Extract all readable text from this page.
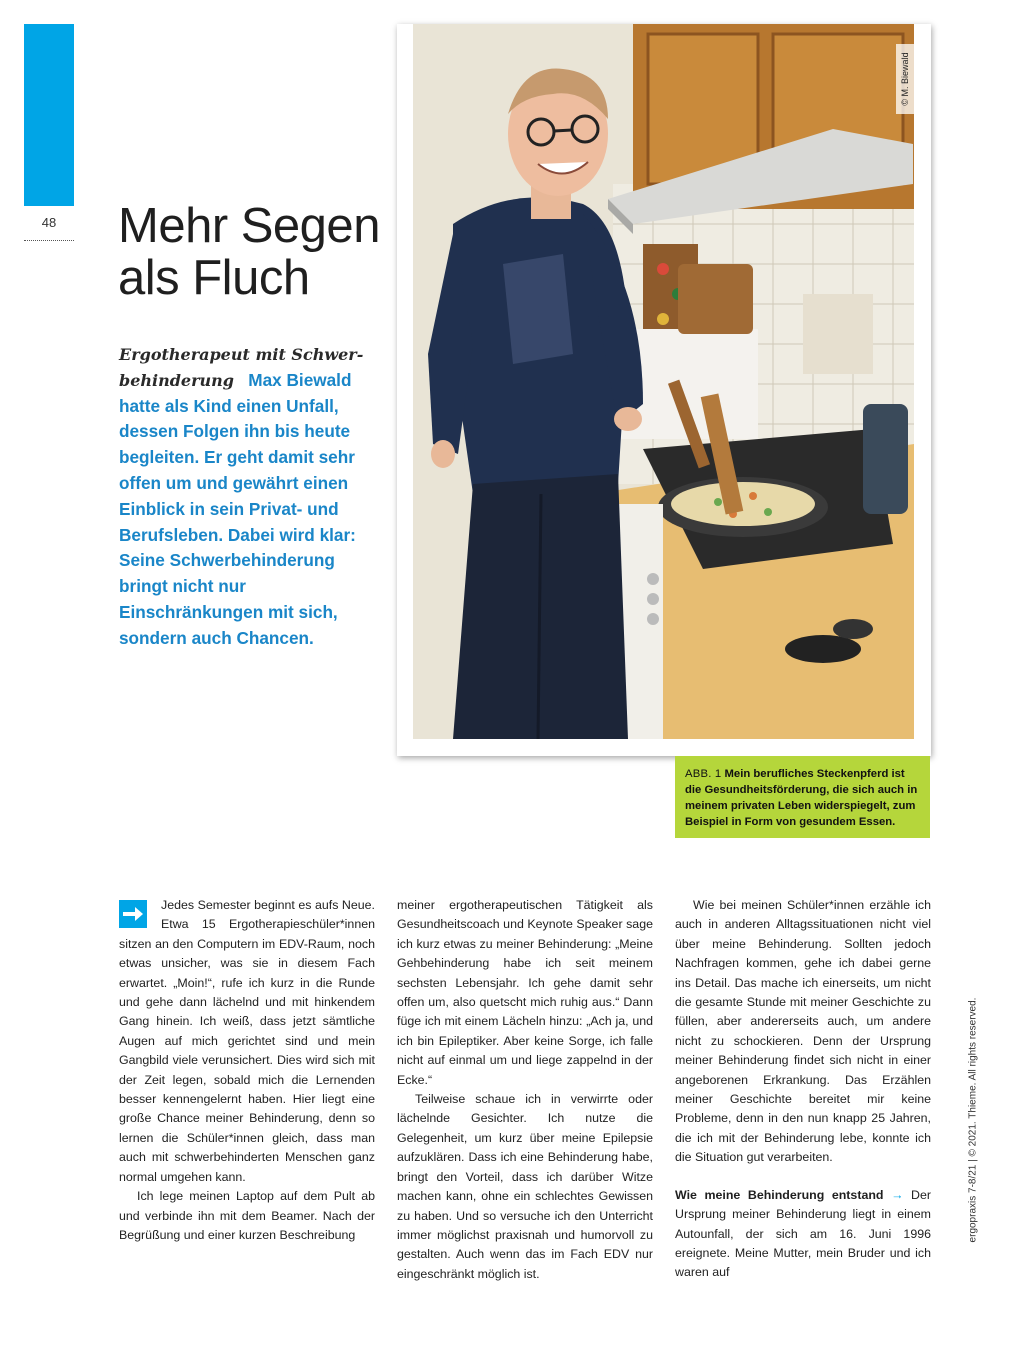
48	Mehr Segen
als Fluch

Ergotherapeut mit Schwer-behinderung Max Biewald hatte als Kind einen Unfall, dessen Folgen ihn bis heute begleiten. Er geht damit sehr offen um und gewährt einen Einblick in sein Privat- und Berufsleben. Dabei wird klar: Seine Schwerbehinderung bringt nicht nur Einschränkungen mit sich, sondern auch Chancen.

© M. Biewald
ABB. 1 Mein berufliches Steckenpferd ist die Gesundheitsförderung, die sich auch in meinem privaten Leben widerspiegelt, zum Beispiel in Form von gesundem Essen.

Jedes Semester beginnt es aufs Neue. Etwa 15 Ergotherapieschüler*innen sitzen an den Computern im EDV-Raum, noch etwas unsicher, was sie in diesem Fach erwartet. „Moin!“, rufe ich kurz in die Runde und gehe dann lächelnd und mit hinkendem Gang hinein. Ich weiß, dass jetzt sämtliche Augen auf mich gerichtet sind und mein Gangbild viele verunsichert. Dies wird sich mit der Zeit legen, sobald mich die Lernenden besser kennengelernt haben. Hier liegt eine große Chance meiner Behinderung, denn so lernen die Schüler*innen gleich, dass man auch mit schwerbehinderten Menschen ganz normal umgehen kann.

Ich lege meinen Laptop auf dem Pult ab und verbinde ihn mit dem Beamer. Nach der Begrüßung und einer kurzen Beschreibung

meiner ergotherapeutischen Tätigkeit als Gesundheitscoach und Keynote Speaker sage ich kurz etwas zu meiner Behinderung: „Meine Gehbehinderung habe ich seit meinem sechsten Lebensjahr. Ich gehe damit sehr offen um, also quetscht mich ruhig aus.“ Dann füge ich mit einem Lächeln hinzu: „Ach ja, und ich bin Epileptiker. Aber keine Sorge, ich falle nicht auf einmal um und liege zappelnd in der Ecke.“

Teilweise schaue ich in verwirrte oder lächelnde Gesichter. Ich nutze die Gelegenheit, um kurz über meine Epilepsie aufzuklären. Dass ich eine Behinderung habe, bringt den Vorteil, dass ich darüber Witze machen kann, ohne ein schlechtes Gewissen zu haben. Und so versuche ich den Unterricht immer möglichst praxisnah und humorvoll zu gestalten. Auch wenn das im Fach EDV nur eingeschränkt möglich ist.

Wie bei meinen Schüler*innen erzähle ich auch in anderen Alltagssituationen nicht viel über meine Behinderung. Sollten jedoch Nachfragen kommen, gehe ich dabei gerne ins Detail. Das mache ich einerseits, um nicht die gesamte Stunde mit meiner Geschichte zu füllen, aber andererseits auch, um andere nicht zu schockieren. Denn der Ursprung meiner Behinderung findet sich nicht in einer angeborenen Erkrankung. Das Erzählen meiner Geschichte bereitet mir keine Probleme, denn in den nun knapp 25 Jahren, die ich mit der Behinderung lebe, konnte ich die Situation gut verarbeiten.

Wie meine Behinderung entstand → Der Ursprung meiner Behinderung liegt in einem Autounfall, der sich am 16. Juni 1996 ereignete. Meine Mutter, mein Bruder und ich waren auf

ergopraxis 7-8/21 | © 2021. Thieme. All rights reserved.
